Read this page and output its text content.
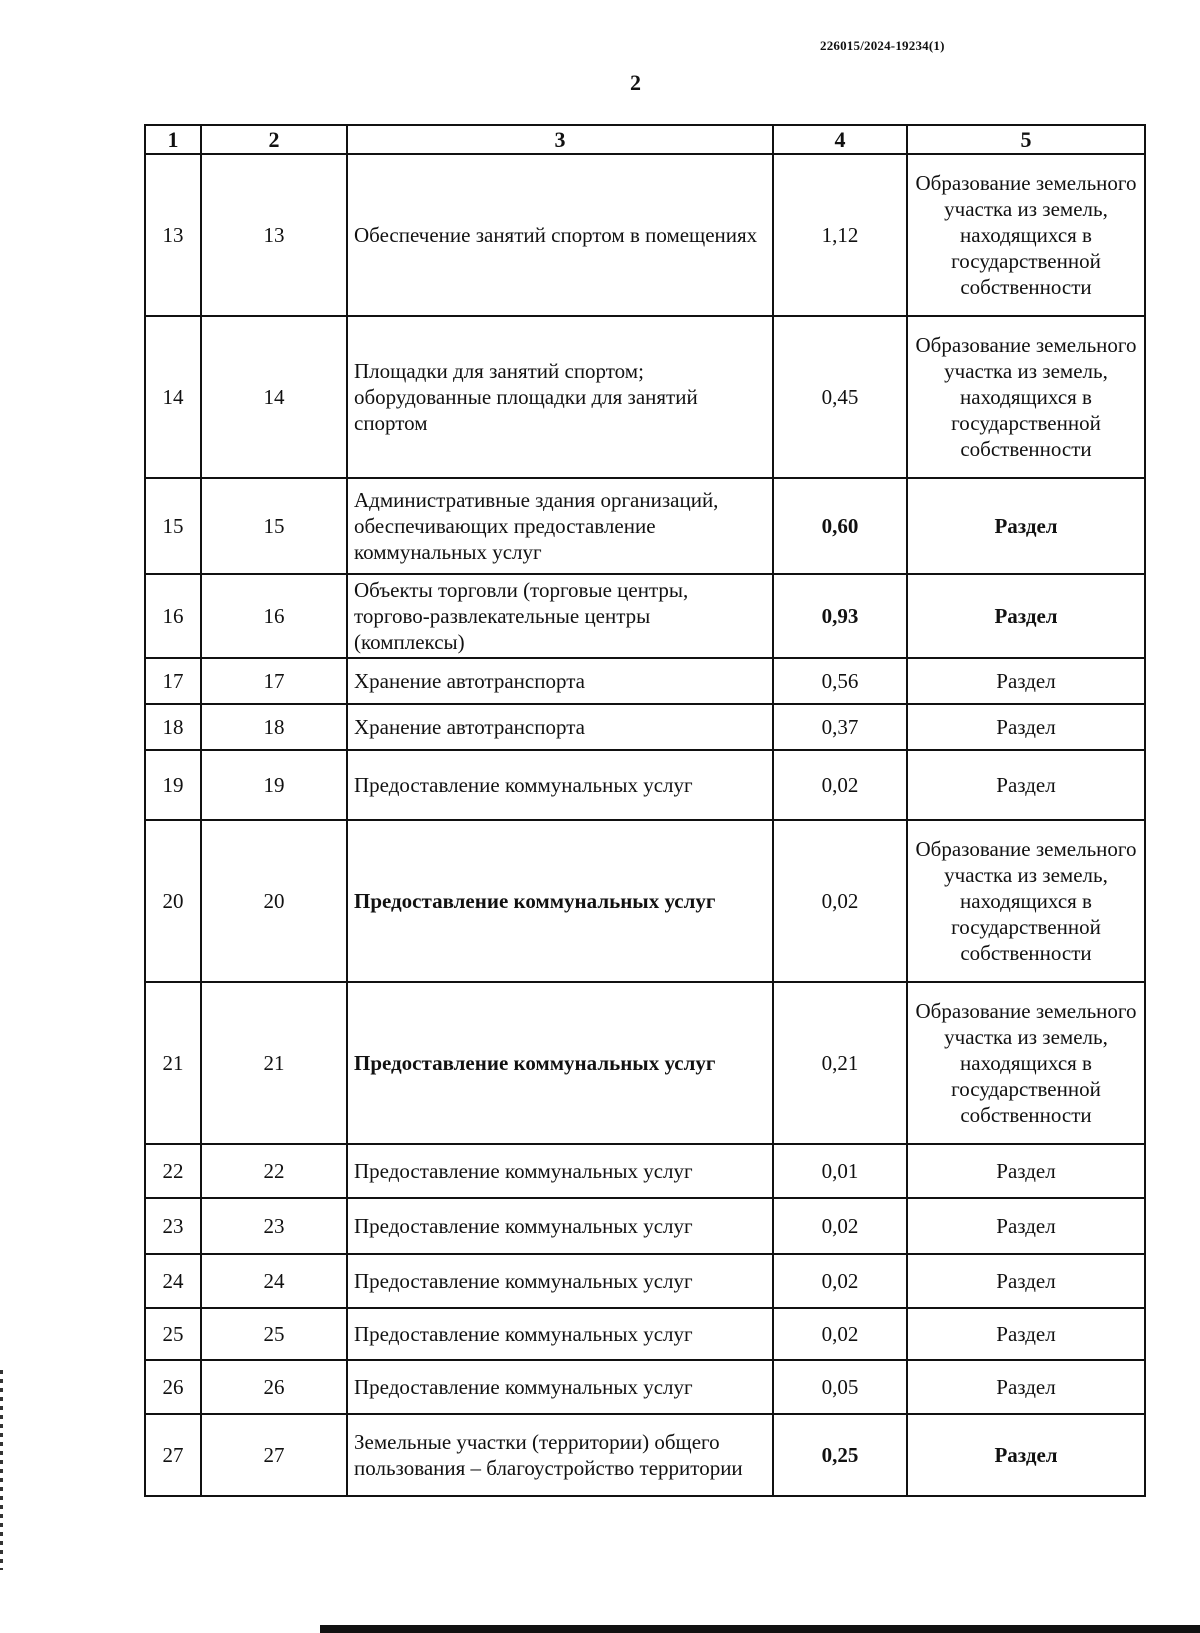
226015/2024-19234(1)
2
1	2	3	4	5
13	13	Обеспечение занятий спортом в помещениях	1,12	Образование земельного участка из земель, находящихся в государственной собственности
14	14	Площадки для занятий спортом; оборудованные площадки для занятий спортом	0,45	Образование земельного участка из земель, находящихся в государственной собственности
15	15	Административные здания организаций, обеспечивающих предоставление коммунальных услуг	0,60	Раздел
16	16	Объекты торговли (торговые центры, торгово-развлекательные центры (комплексы)	0,93	Раздел
17	17	Хранение автотранспорта	0,56	Раздел
18	18	Хранение автотранспорта	0,37	Раздел
19	19	Предоставление коммунальных услуг	0,02	Раздел
20	20	Предоставление коммунальных услуг	0,02	Образование земельного участка из земель, находящихся в государственной собственности
21	21	Предоставление коммунальных услуг	0,21	Образование земельного участка из земель, находящихся в государственной собственности
22	22	Предоставление коммунальных услуг	0,01	Раздел
23	23	Предоставление коммунальных услуг	0,02	Раздел
24	24	Предоставление коммунальных услуг	0,02	Раздел
25	25	Предоставление коммунальных услуг	0,02	Раздел
26	26	Предоставление коммунальных услуг	0,05	Раздел
27	27	Земельные участки (территории) общего пользования – благоустройство территории	0,25	Раздел
